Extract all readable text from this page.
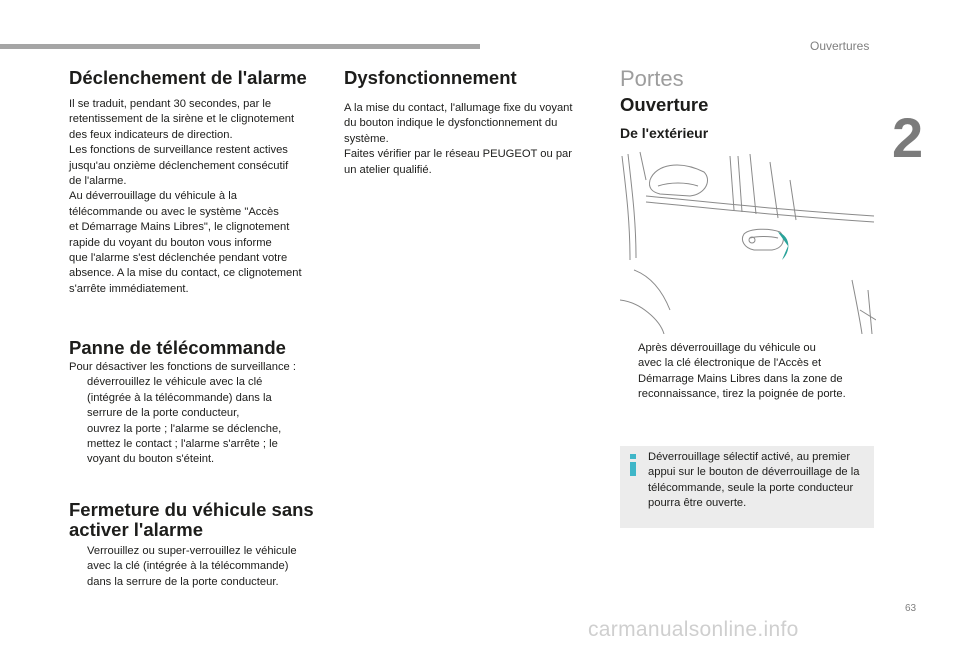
Ouvertures
2
Déclenchement de l'alarme

Il se traduit, pendant 30 secondes, par le

retentissement de la sirène et le clignotement

des feux indicateurs de direction.

Les fonctions de surveillance restent actives

jusqu'au onzième déclenchement consécutif

de l'alarme.

Au déverrouillage du véhicule à la

télécommande ou avec le système "Accès

et Démarrage Mains Libres", le clignotement

rapide du voyant du bouton vous informe

que l'alarme s'est déclenchée pendant votre

absence. A la mise du contact, ce clignotement

s'arrête immédiatement.

Panne de télécommande

Pour désactiver les fonctions de surveillance :

déverrouillez le véhicule avec la clé
(intégrée à la télécommande) dans la
serrure de la porte conducteur,
ouvrez la porte ; l'alarme se déclenche,
mettez le contact ; l'alarme s'arrête ; le
voyant du bouton s'éteint.
Fermeture du véhicule sans
activer l'alarme
Verrouillez ou super-verrouillez le véhicule
avec la clé (intégrée à la télécommande)
dans la serrure de la porte conducteur.
Dysfonctionnement

A la mise du contact, l'allumage fixe du voyant

du bouton indique le dysfonctionnement du

système.

Faites vérifier par le réseau PEUGEOT ou par

un atelier qualifié.

Portes
Ouverture
De l'extérieur
Après déverrouillage du véhicule ou
avec la clé électronique de l'Accès et
Démarrage Mains Libres dans la zone de
reconnaissance, tirez la poignée de porte.
Déverrouillage sélectif activé, au premier
appui sur le bouton de déverrouillage de la
télécommande, seule la porte conducteur
pourra être ouverte.
63
carmanualsonline.info
